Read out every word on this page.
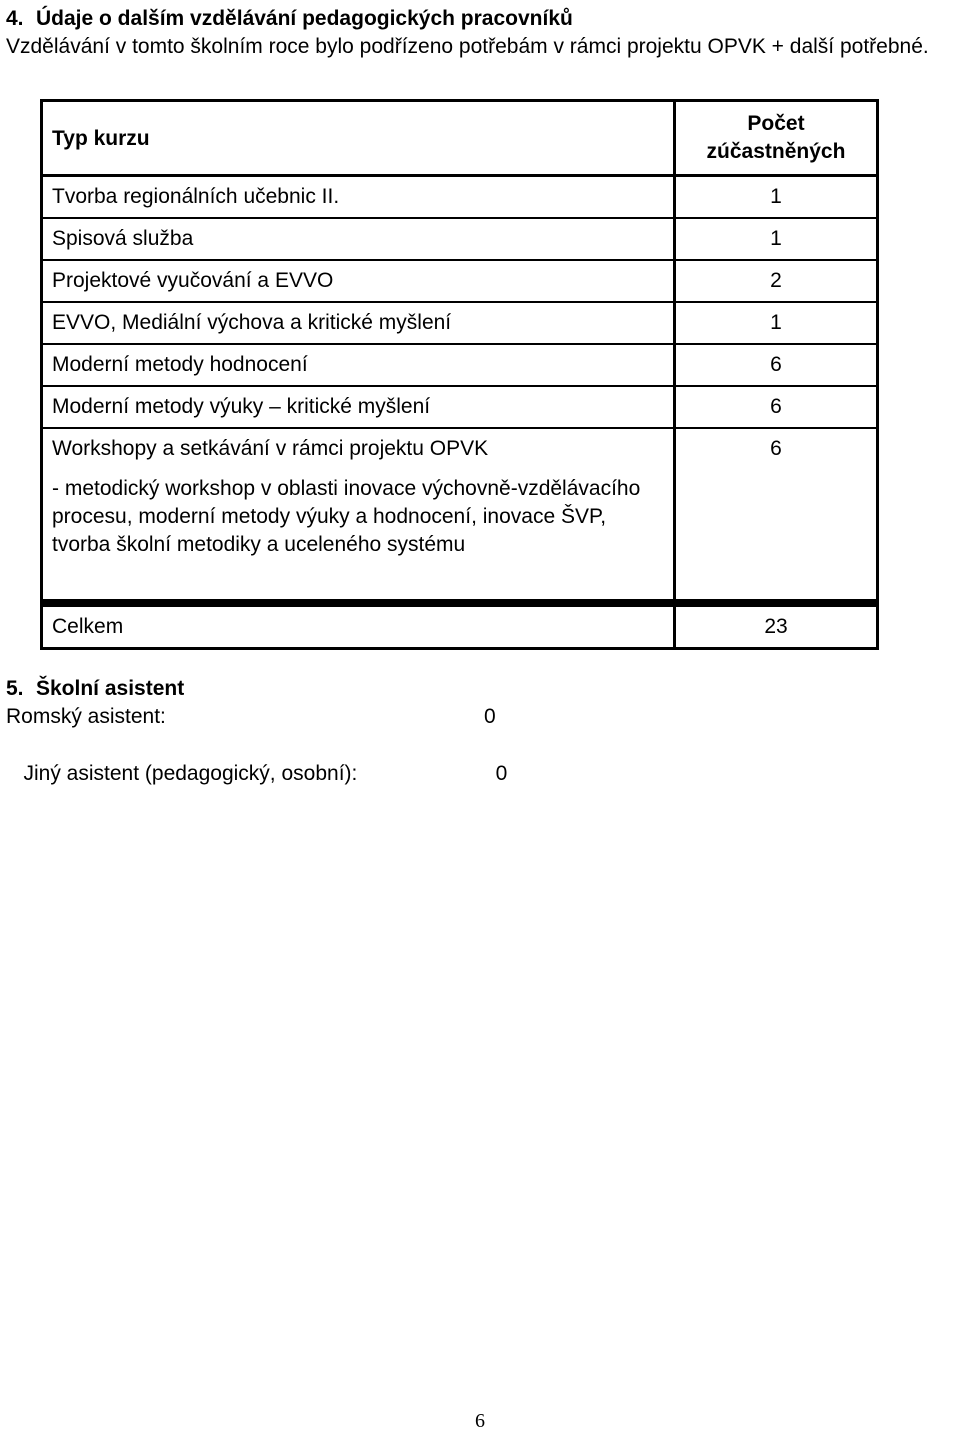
4. Údaje o dalším vzdělávání pedagogických pracovníků
Vzdělávání v tomto školním roce bylo podřízeno potřebám v rámci projektu OPVK + další potřebné.
Typ kurzu	Počet
zúčastněných

Tvorba regionálních učebnic II.	1
Spisová služba	1
Projektové vyučování a EVVO	2
EVVO, Mediální výchova a kritické myšlení	1
Moderní metody hodnocení	6
Moderní metody výuky – kritické myšlení	6
Workshopy a setkávání v rámci projektu OPVK	6
- metodický workshop v oblasti inovace výchovně-vzdělávacího procesu, moderní metody výuky a hodnocení, inovace ŠVP, tvorba školní metodiky a uceleného systému	
Celkem	23
5. Školní asistent
Romský asistent:	0

Jiný asistent (pedagogický, osobní):	0

6
